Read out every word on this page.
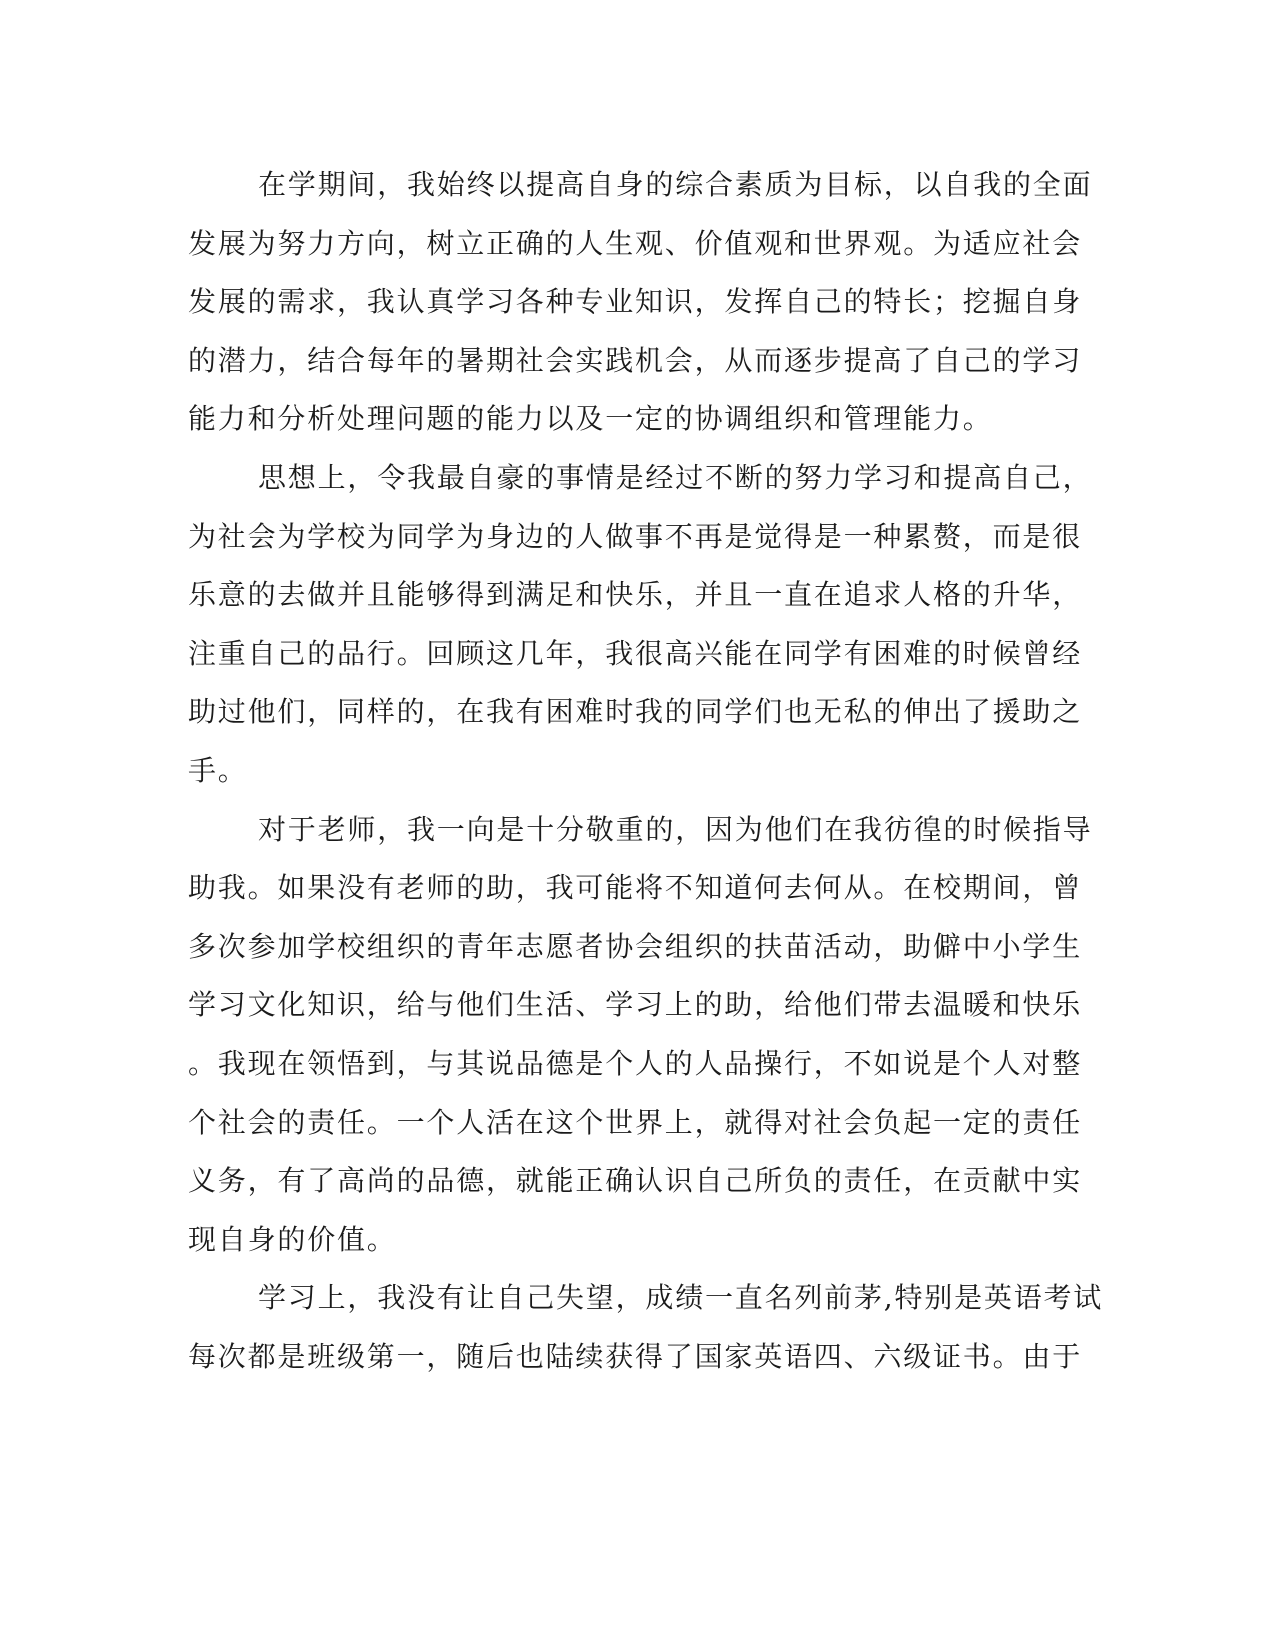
在学期间，我始终以提高自身的综合素质为目标，以自我的全面
发展为努力方向，树立正确的人生观、价值观和世界观。为适应社会
发展的需求，我认真学习各种专业知识，发挥自己的特长；挖掘自身
的潜力，结合每年的暑期社会实践机会，从而逐步提高了自己的学习
能力和分析处理问题的能力以及一定的协调组织和管理能力。

思想上，令我最自豪的事情是经过不断的努力学习和提高自己，
为社会为学校为同学为身边的人做事不再是觉得是一种累赘，而是很
乐意的去做并且能够得到满足和快乐，并且一直在追求人格的升华，
注重自己的品行。回顾这几年，我很高兴能在同学有困难的时候曾经
助过他们，同样的，在我有困难时我的同学们也无私的伸出了援助之
手。

对于老师，我一向是十分敬重的，因为他们在我彷徨的时候指导
助我。如果没有老师的助，我可能将不知道何去何从。在校期间，曾
多次参加学校组织的青年志愿者协会组织的扶苗活动，助僻中小学生
学习文化知识，给与他们生活、学习上的助，给他们带去温暖和快乐
。我现在领悟到，与其说品德是个人的人品操行，不如说是个人对整
个社会的责任。一个人活在这个世界上，就得对社会负起一定的责任
义务，有了高尚的品德，就能正确认识自己所负的责任，在贡献中实
现自身的价值。

学习上，我没有让自己失望，成绩一直名列前茅,特别是英语考试
每次都是班级第一，随后也陆续获得了国家英语四、六级证书。由于
